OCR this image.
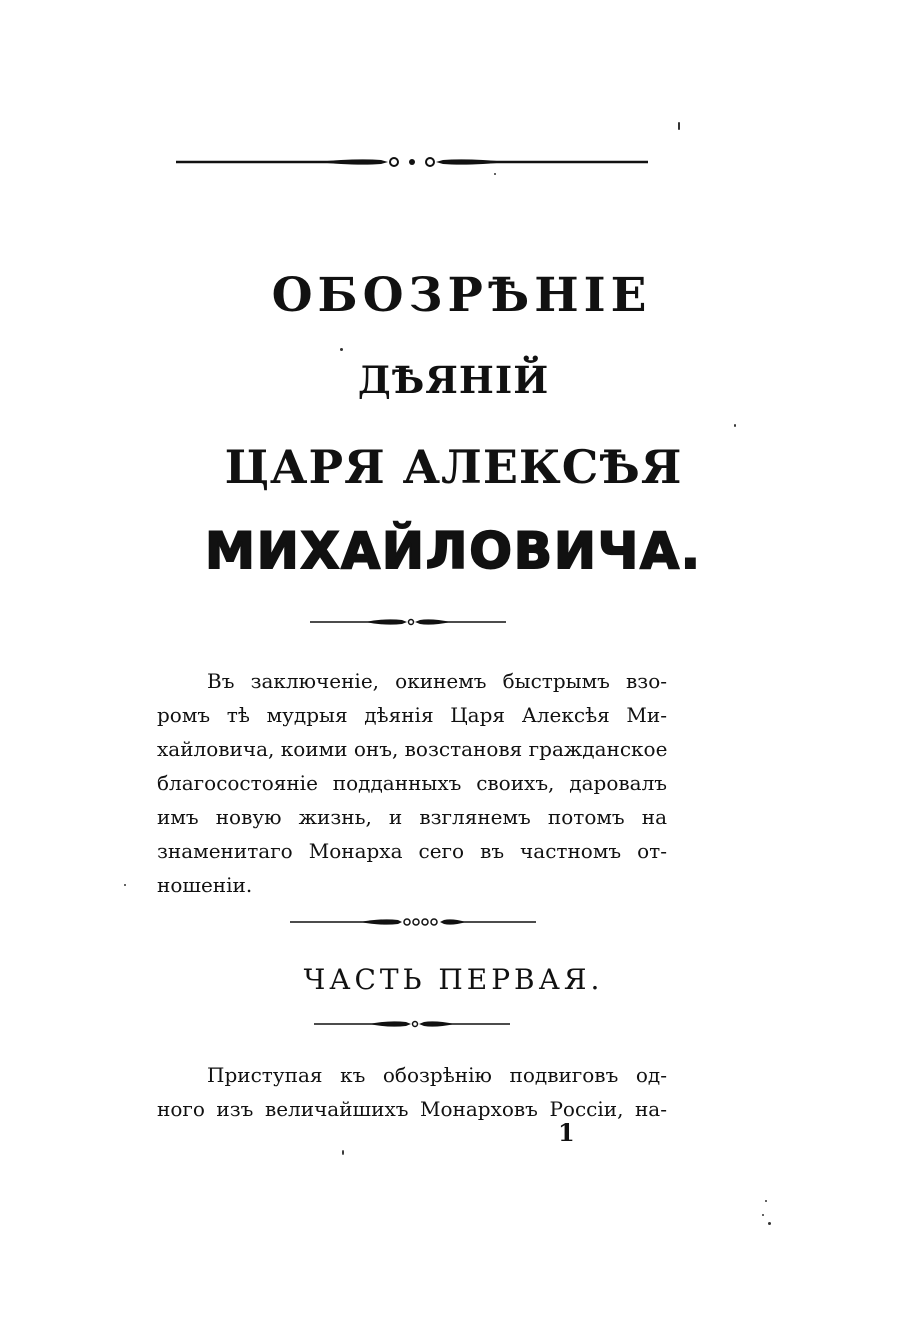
ОБОЗРѢНІЕ
ДѢЯНІЙ
ЦАРЯ АЛЕКСѢЯ
МИХАЙЛОВИЧА.
Въ заключеніе, окинемъ быстрымъ взо-
ромъ тѣ мудрыя дѣянія Царя Алексѣя Ми-
хайловича, коими онъ, возстановя гражданское
благосостояніе подданныхъ своихъ, даровалъ
имъ новую жизнь, и взглянемъ потомъ на
знаменитаго Монарха сего въ частномъ от-
ношеніи.
ЧАСТЬ ПЕРВАЯ.
Приступая къ обозрѣнію подвиговъ од-
ного изъ величайшихъ Монарховъ Россіи, на-
1
